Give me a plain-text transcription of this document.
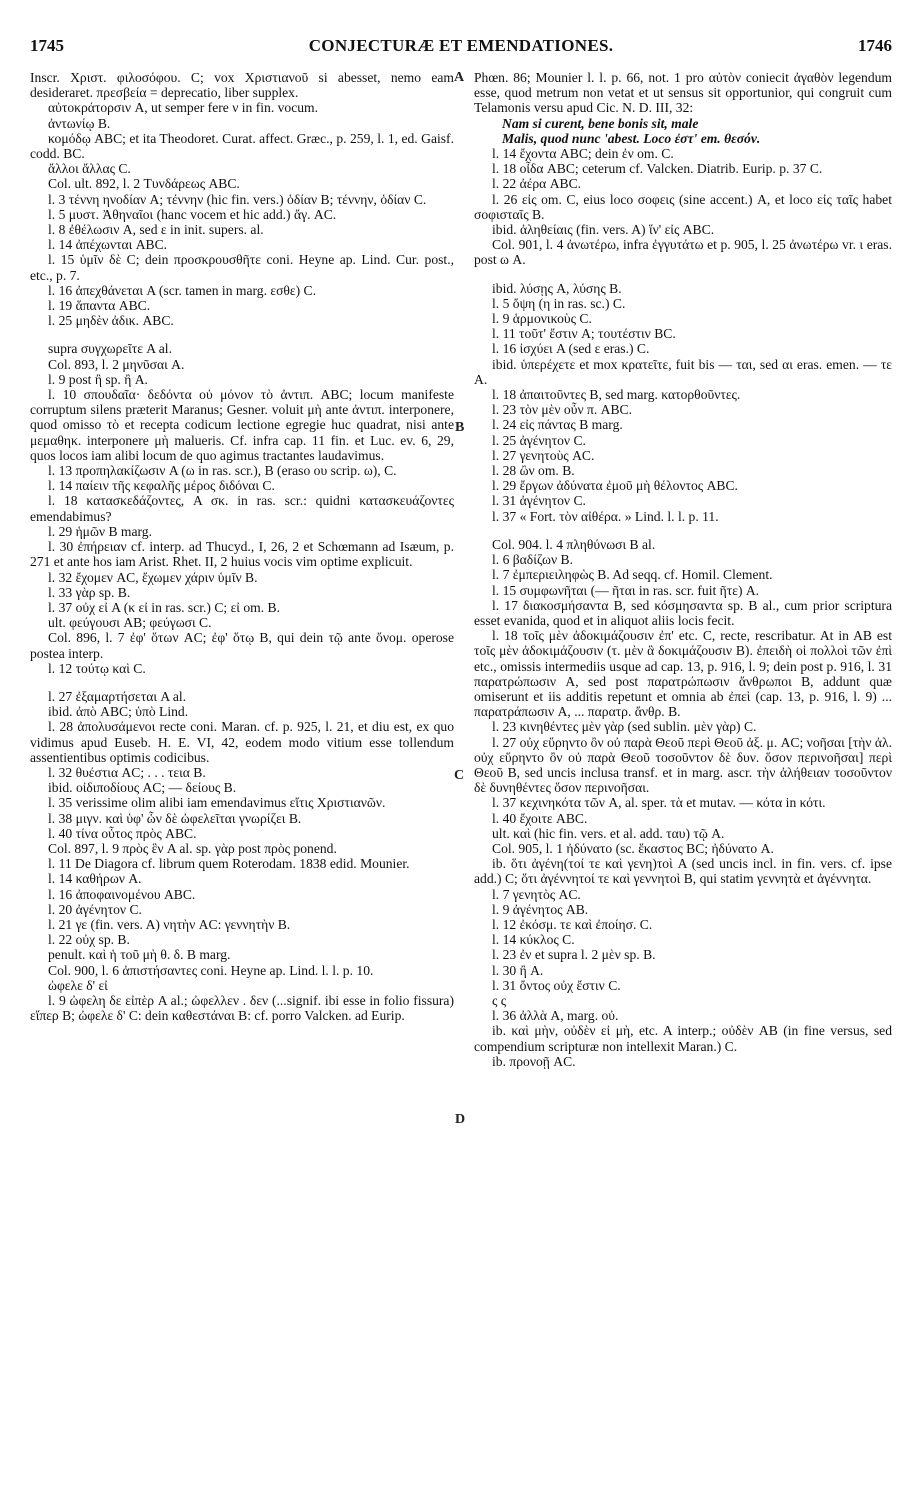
1745	CONJECTURÆ ET EMENDATIONES.	1746

Inscr. Χριστ. φιλοσόφου. C; vox Χριστιανοῦ si abesset, nemo eam desideraret. πρεσβεία = deprecatio, liber supplex.

αὐτοκράτορσιν A, ut semper fere ν in fin. vocum.

ἀντωνίῳ B.

κομόδῳ ABC; et ita Theodoret. Curat. affect. Græc., p. 259, l. 1, ed. Gaisf. codd. BC.

ἄλλοι ἄλλας C.

Col. ult. 892, l. 2 Τυνδάρεως ABC.

l. 3 τέννη ηνοδίαν A; τέννην (hic fin. vers.) ὁδίαν B; τέννην, ὁδίαν C.

l. 5 μυστ. Ἀθηναῖοι (hanc vocem et hic add.) ἄγ. AC.

l. 8 ἐθέλωσιν A, sed ε in init. supers. al.

l. 14 ἀπέχωνται ABC.

l. 15 ὑμῖν δὲ C; dein προσκρουσθῆτε coni. Heyne ap. Lind. Cur. post., etc., p. 7.

l. 16 ἀπεχθάνεται A (scr. tamen in marg. εσθε) C.

l. 19 ἅπαντα ABC.

l. 25 μηδὲν ἀδικ. ABC.

supra συγχωρεῖτε A al.

Col. 893, l. 2 μηνῦσαι A.

l. 9 post ἢ sp. ἢ A.

l. 10 σπουδαῖα· δεδόντα οὐ μόνον τὸ ἀντιπ. ABC; locum manifeste corruptum silens præterit Maranus; Gesner. voluit μὴ ante ἀντιπ. interponere, quod omisso τὸ et recepta codicum lectione egregie huc quadrat, nisi ante μεμαθηκ. interponere μὴ malueris. Cf. infra cap. 11 fin. et Luc. ev. 6, 29, quos locos iam alibi locum de quo agimus tractantes laudavimus.

l. 13 προπηλακίζωσιν A (ω in ras. scr.), B (eraso ου scrip. ω), C.

l. 14 παίειν τῆς κεφαλῆς μέρος διδόναι C.

l. 18 κατασκεδάζοντες, A σκ. in ras. scr.: quidni κατασκευάζοντες emendabimus?

l. 29 ἡμῶν B marg.

l. 30 ἐπήρειαν cf. interp. ad Thucyd., I, 26, 2 et Schœmann ad Isæum, p. 271 et ante hos iam Arist. Rhet. II, 2 huius vocis vim optime explicuit.

l. 32 ἔχομεν AC, ἔχωμεν χάριν ὑμῖν B.

l. 33 γὰρ sp. B.

l. 37 οὐχ εἰ A (κ εἰ in ras. scr.) C; εἰ om. B.

ult. φεύγουσι AB; φεύγωσι C.

Col. 896, l. 7 ἐφ' ὅτων AC; ἐφ' ὅτῳ B, qui dein τῷ ante ὄνομ. operose postea interp.

l. 12 τούτῳ καὶ C.

l. 27 ἐξαμαρτήσεται A al.

ibid. ἀπὸ ABC; ὑπὸ Lind.

l. 28 ἀπολυσάμενοι recte coni. Maran. cf. p. 925, l. 21, et diu est, ex quo vidimus apud Euseb. H. E. VI, 42, eodem modo vitium esse tollendum assentientibus optimis codicibus.

l. 32 θυέστια AC; . . . τεια B.

ibid. οἰδιποδίους AC; — δείους B.

l. 35 verissime olim alibi iam emendavimus εἴτις Χριστιανῶν.

l. 38 μιγν. καὶ ὑφ' ὧν δὲ ὠφελεῖται γνωρίζει B.

l. 40 τίνα οὗτος πρὸς ABC.

Col. 897, l. 9 πρὸς ἓν A al. sp. γὰρ post πρὸς ponend.

l. 11 De Diagora cf. librum quem Roterodam. 1838 edid. Mounier.

l. 14 καθήρων A.

l. 16 ἀποφαινομένου ABC.

l. 20 ἀγένητον C.

l. 21 γε (fin. vers. A) νητὴν AC: γεννητὴν B.

l. 22 οὐχ sp. B.

penult. καὶ ἡ τοῦ μὴ θ. δ. B marg.

Col. 900, l. 6 ἀπιστήσαντες coni. Heyne ap. Lind. l. l. p. 10.

ὠφελε δ' εἰ

l. 9 ὠφελη δε εἰπὲρ A al.; ὠφελλεν . δεν (...signif. ibi esse in folio fissura) εἴπερ B; ὠφελε δ' C: dein καθεστάναι B: cf. porro Valcken. ad Eurip.

Phœn. 86; Mounier l. l. p. 66, not. 1 pro αὐτὸν coniecit ἀγαθὸν legendum esse, quod metrum non vetat et ut sensus sit opportunior, qui congruit cum Telamonis versu apud Cic. N. D. III, 32:

Nam si curent, bene bonis sit, male

Malis, quod nunc 'abest. Loco ἐστ' em. θεσόν.

l. 14 ἔχοντα ABC; dein ἐν om. C.

l. 18 οἶδα ABC; ceterum cf. Valcken. Diatrib. Eurip. p. 37 C.

l. 22 ἀέρα ABC.

l. 26 εἰς om. C, eius loco σοφεις (sine accent.) A, et loco εἰς ταῖς habet σοφισταῖς B.

ibid. ἀληθείαις (fin. vers. A) ἵν' εἰς ABC.

Col. 901, l. 4 ἀνωτέρω, infra ἐγγυτάτω et p. 905, l. 25 ἀνωτέρω vr. ι eras. post ω A.

ibid. λύσῃς A, λύσης B.

l. 5 ὄψη (η in ras. sc.) C.

l. 9 ἁρμονικοὺς C.

l. 11 τοῦτ' ἔστιν A; τουτέστιν BC.

l. 16 ἰσχύει A (sed ε eras.) C.

ibid. ὑπερέχετε et mox κρατεῖτε, fuit bis — ται, sed αι eras. emen. — τε A.

l. 18 ἀπαιτοῦντες B, sed marg. κατορθοῦντες.

l. 23 τὸν μὲν οὖν π. ABC.

l. 24 εἰς πάντας B marg.

l. 25 ἀγένητον C.

l. 27 γενητοὺς AC.

l. 28 ὢν om. B.

l. 29 ἔργων ἀδύνατα ἐμοῦ μὴ θέλοντος ABC.

l. 31 ἀγένητον C.

l. 37 « Fort. τὸν αἰθέρα. » Lind. l. l. p. 11.

Col. 904. l. 4 πληθύνωσι B al.

l. 6 βαδίζων B.

l. 7 ἐμπεριειληφὼς B. Ad seqq. cf. Homil. Clement.

l. 15 συμφωνῆται (— ῆται in ras. scr. fuit ῆτε) A.

l. 17 διακοσμήσαντα B, sed κόσμησαντα sp. B al., cum prior scriptura esset evanida, quod et in aliquot aliis locis fecit.

l. 18 τοῖς μὲν ἀδοκιμάζουσιν ἐπ' etc. C, recte, rescribatur. At in AB est τοῖς μὲν ἀδοκιμάζουσιν (τ. μὲν ἃ δοκιμάζουσιν B). ἐπειδὴ οἱ πολλοὶ τῶν ἐπὶ etc., omissis intermediis usque ad cap. 13, p. 916, l. 9; dein post p. 916, l. 31 παρατρώπωσιν A, sed post παρατρώπωσιν ἄνθρωποι B, addunt quæ omiserunt et iis additis repetunt et omnia ab ἐπεὶ (cap. 13, p. 916, l. 9) ... παρατράπωσιν A, ... παρατρ. ἄνθρ. B.

l. 23 κινηθέντες μὲν γὰρ (sed sublin. μὲν γὰρ) C.

l. 27 οὐχ εὕρηντο ὂν οὐ παρὰ Θεοῦ περὶ Θεοῦ ἀξ. μ. AC; νοῆσαι [τὴν ἀλ. οὐχ εὕρηντο ὂν οὐ παρὰ Θεοῦ τοσοῦντον δὲ δυν. ὅσον περινοῆσαι] περὶ Θεοῦ B, sed uncis inclusa transf. et in marg. ascr. τὴν ἀλήθειαν τοσοῦντον δὲ δυνηθέντες ὅσον περινοῆσαι.

l. 37 κεχινηκότα τῶν A, al. sper. τὰ et mutav. — κότα in κότι.

l. 40 ἔχοιτε ABC.

ult. καὶ (hic fin. vers. et al. add. ταυ) τῷ A.

Col. 905, l. 1 ἠδύνατο (sc. ἕκαστος BC; ἠδύνατο A.

ib. ὅτι ἀγένη(τοί τε καὶ γενη)τοὶ A (sed uncis incl. in fin. vers. cf. ipse add.) C; ὅτι ἀγέννητοί τε καὶ γεννητοὶ B, qui statim γεννητὰ et ἀγέννητα.

l. 7 γενητὸς AC.

l. 9 ἀγένητος AB.

l. 12 ἐκόσμ. τε καὶ ἐποίησ. C.

l. 14 κύκλος C.

l. 23 ἐν et supra l. 2 μὲν sp. B.

l. 30 ἢ A.

l. 31 ὄντος οὐχ ἔστιν C.

ς ς

l. 36 ἀλλὰ A, marg. οὐ.

ib. καὶ μὴν, οὐδὲν εἰ μὴ, etc. A interp.; οὐδὲν AB (in fine versus, sed compendium scripturæ non intellexit Maran.) C.

ib. προνοῇ AC.

A
B
C
D
